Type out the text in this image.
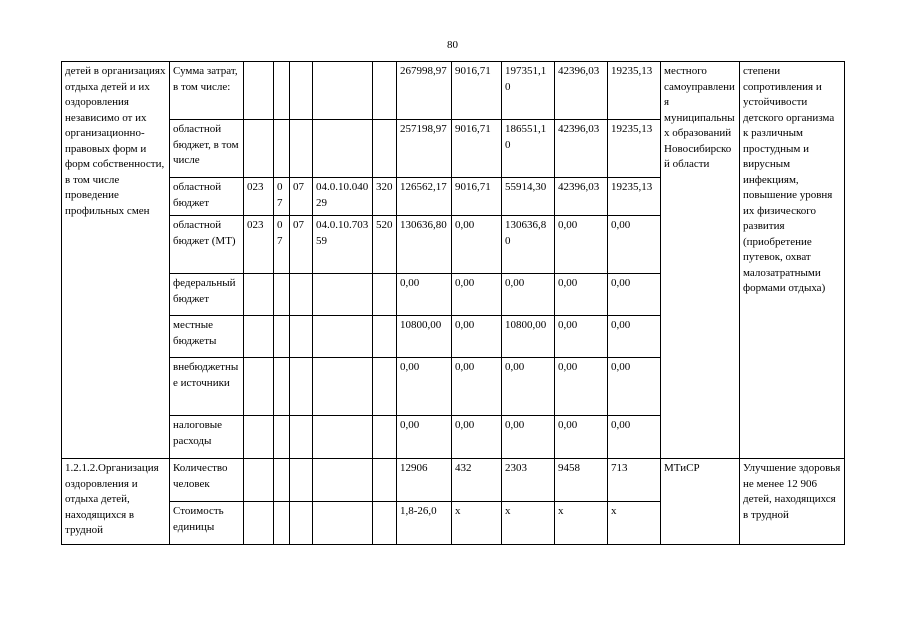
80
детей в организациях отдыха детей и их оздоровления независимо от их организационно-правовых форм и форм собственности, в том числе проведение профильных смен	Сумма затрат, в том числе:						267998,97	9016,71	197351,10	42396,03	19235,13	местного самоуправления муниципальных образований Новосибирской области	степени сопротивления и устойчивости детского организма к различным простудным и вирусным инфекциям, повышение уровня их физического развития (приобретение путевок, охват малозатратными формами отдыха)
	областной бюджет, в том числе						257198,97	9016,71	186551,10	42396,03	19235,13		
	областной бюджет	023	07	07	04.0.10.04029	320	126562,17	9016,71	55914,30	42396,03	19235,13		
	областной бюджет (МТ)	023	07	07	04.0.10.70359	520	130636,80	0,00	130636,80	0,00	0,00		
	федеральный бюджет						0,00	0,00	0,00	0,00	0,00		
	местные бюджеты						10800,00	0,00	10800,00	0,00	0,00		
	внебюджетные источники						0,00	0,00	0,00	0,00	0,00		
	налоговые расходы						0,00	0,00	0,00	0,00	0,00		
1.2.1.2.Организация оздоровления и отдыха детей, находящихся в трудной	Количество человек						12906	432	2303	9458	713	МТиСР	Улучшение здоровья не менее 12 906 детей, находящихся в трудной
	Стоимость единицы						1,8-26,0	х	х	х	х		
